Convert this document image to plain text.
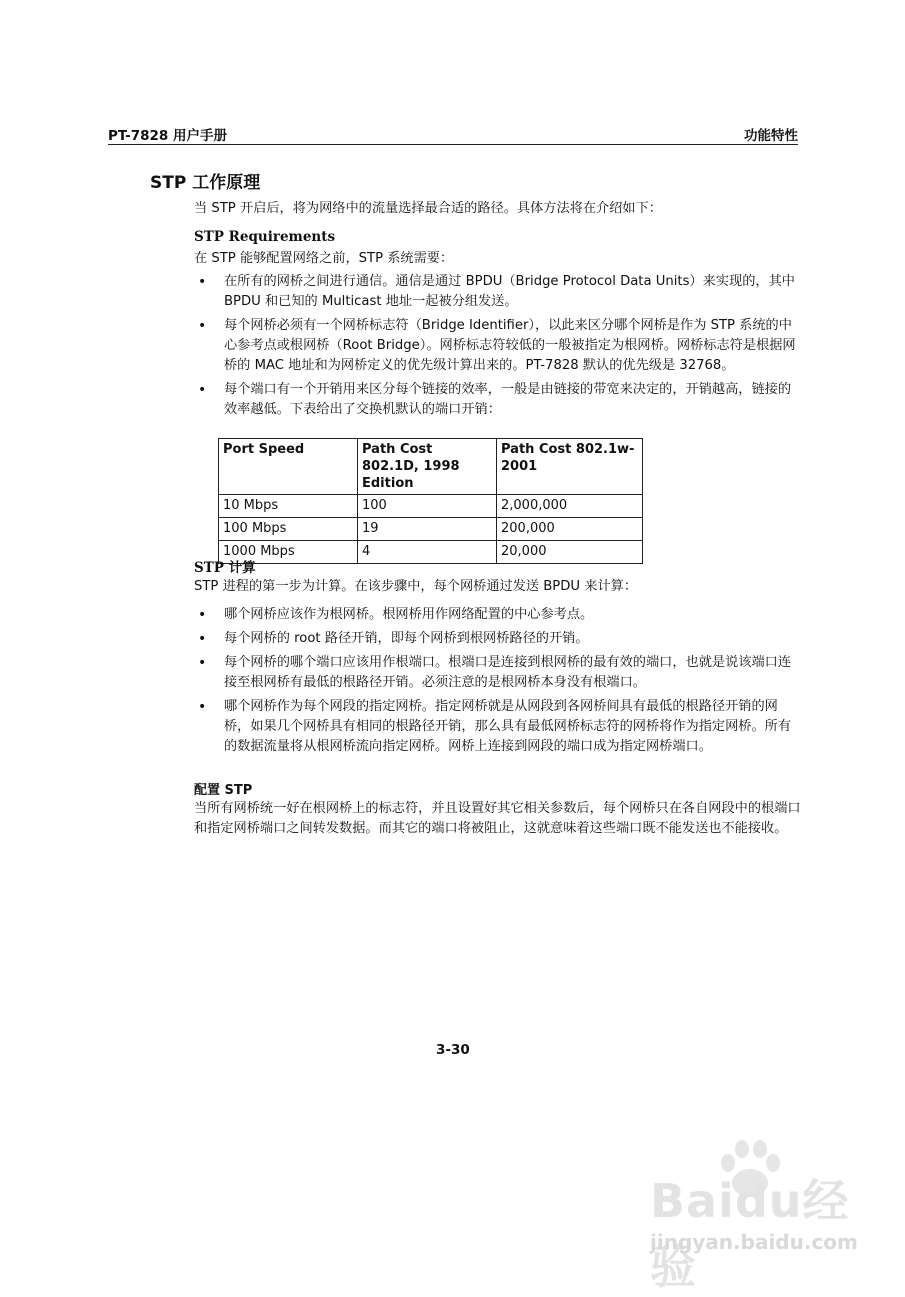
PT-7828 用户手册	功能特性
STP 工作原理
当 STP 开启后，将为网络中的流量选择最合适的路径。具体方法将在介绍如下：
STP Requirements
在 STP 能够配置网络之前，STP 系统需要：
• 在所有的网桥之间进行通信。通信是通过 BPDU（Bridge Protocol Data Units）来实现的，其中 BPDU 和已知的 Multicast 地址一起被分组发送。
• 每个网桥必须有一个网桥标志符（Bridge Identifier），以此来区分哪个网桥是作为 STP 系统的中心参考点或根网桥（Root Bridge）。网桥标志符较低的一般被指定为根网桥。网桥标志符是根据网桥的 MAC 地址和为网桥定义的优先级计算出来的。PT-7828 默认的优先级是 32768。
• 每个端口有一个开销用来区分每个链接的效率，一般是由链接的带宽来决定的，开销越高，链接的效率越低。下表给出了交换机默认的端口开销：
Port Speed	Path Cost 802.1D, 1998 Edition	Path Cost 802.1w-2001
10 Mbps	100	2,000,000
100 Mbps	19	200,000
1000 Mbps	4	20,000
STP 计算
STP 进程的第一步为计算。在该步骤中，每个网桥通过发送 BPDU 来计算：
• 哪个网桥应该作为根网桥。根网桥用作网络配置的中心参考点。
• 每个网桥的 root 路径开销，即每个网桥到根网桥路径的开销。
• 每个网桥的哪个端口应该用作根端口。根端口是连接到根网桥的最有效的端口，也就是说该端口连接至根网桥有最低的根路径开销。必须注意的是根网桥本身没有根端口。
• 哪个网桥作为每个网段的指定网桥。指定网桥就是从网段到各网桥间具有最低的根路径开销的网桥，如果几个网桥具有相同的根路径开销，那么具有最低网桥标志符的网桥将作为指定网桥。所有的数据流量将从根网桥流向指定网桥。网桥上连接到网段的端口成为指定网桥端口。
配置 STP
当所有网桥统一好在根网桥上的标志符，并且设置好其它相关参数后，每个网桥只在各自网段中的根端口和指定网桥端口之间转发数据。而其它的端口将被阻止，这就意味着这些端口既不能发送也不能接收。
3-30
Baidu经验
jingyan.baidu.com
